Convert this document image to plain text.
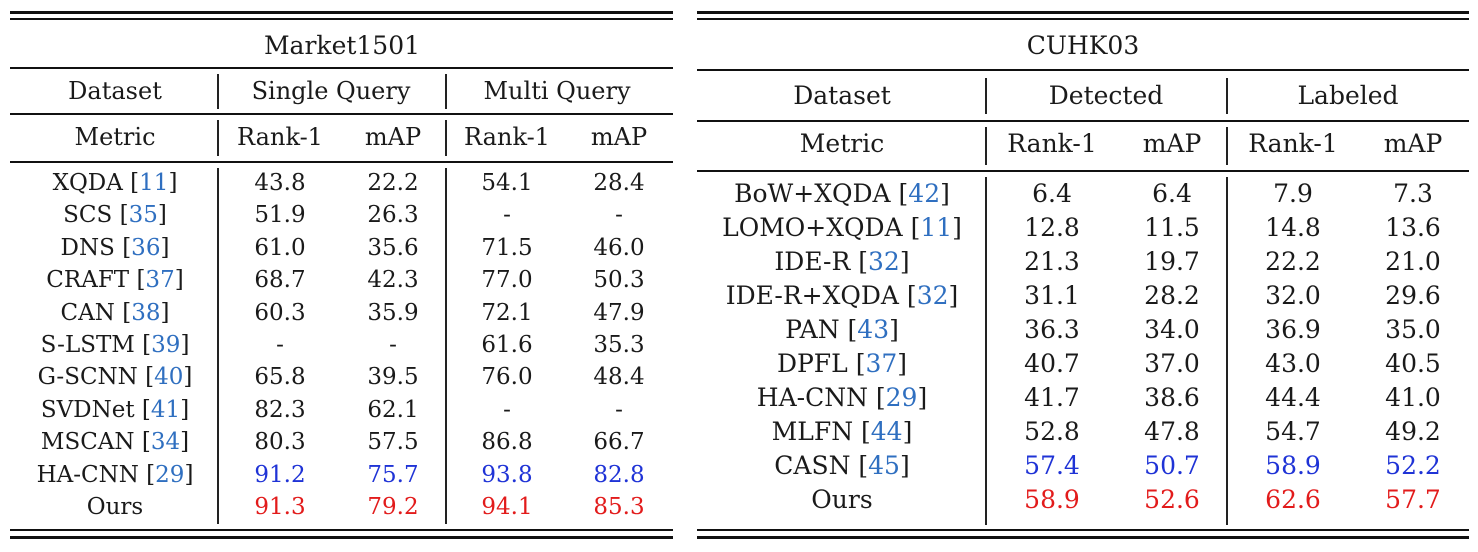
Market1501
Dataset	Single Query	Multi Query
Metric	Rank-1 mAP Rank-1 mAP
XQDA [11]	43.8	22.2	54.1	28.4
SCS [35]	51.9	26.3	-	-
DNS [36]	61.0	35.6	71.5	46.0
CRAFT [37]	68.7	42.3	77.0	50.3
CAN [38]	60.3	35.9	72.1	47.9
S-LSTM [39]	-	-	61.6	35.3
G-SCNN [40]	65.8	39.5	76.0	48.4
SVDNet [41]	82.3	62.1	-	-
MSCAN [34]	80.3	57.5	86.8	66.7
HA-CNN [29]	91.2	75.7	93.8	82.8
Ours	91.3	79.2	94.1	85.3
CUHK03
Dataset	Detected	Labeled
Metric	Rank-1 mAP Rank-1 mAP
BoW+XQDA [42]	6.4	6.4	7.9	7.3
LOMO+XQDA [11] 12.8	11.5	14.8	13.6
IDE-R [32]	21.3	19.7	22.2	21.0
IDE-R+XQDA [32]	31.1	28.2	32.0	29.6
PAN [43]	36.3	34.0	36.9	35.0
DPFL [37]	40.7	37.0	43.0	40.5
HA-CNN [29]	41.7	38.6	44.4	41.0
MLFN [44]	52.8	47.8	54.7	49.2
CASN [45]	57.4	50.7	58.9	52.2
Ours	58.9	52.6	62.6	57.7
